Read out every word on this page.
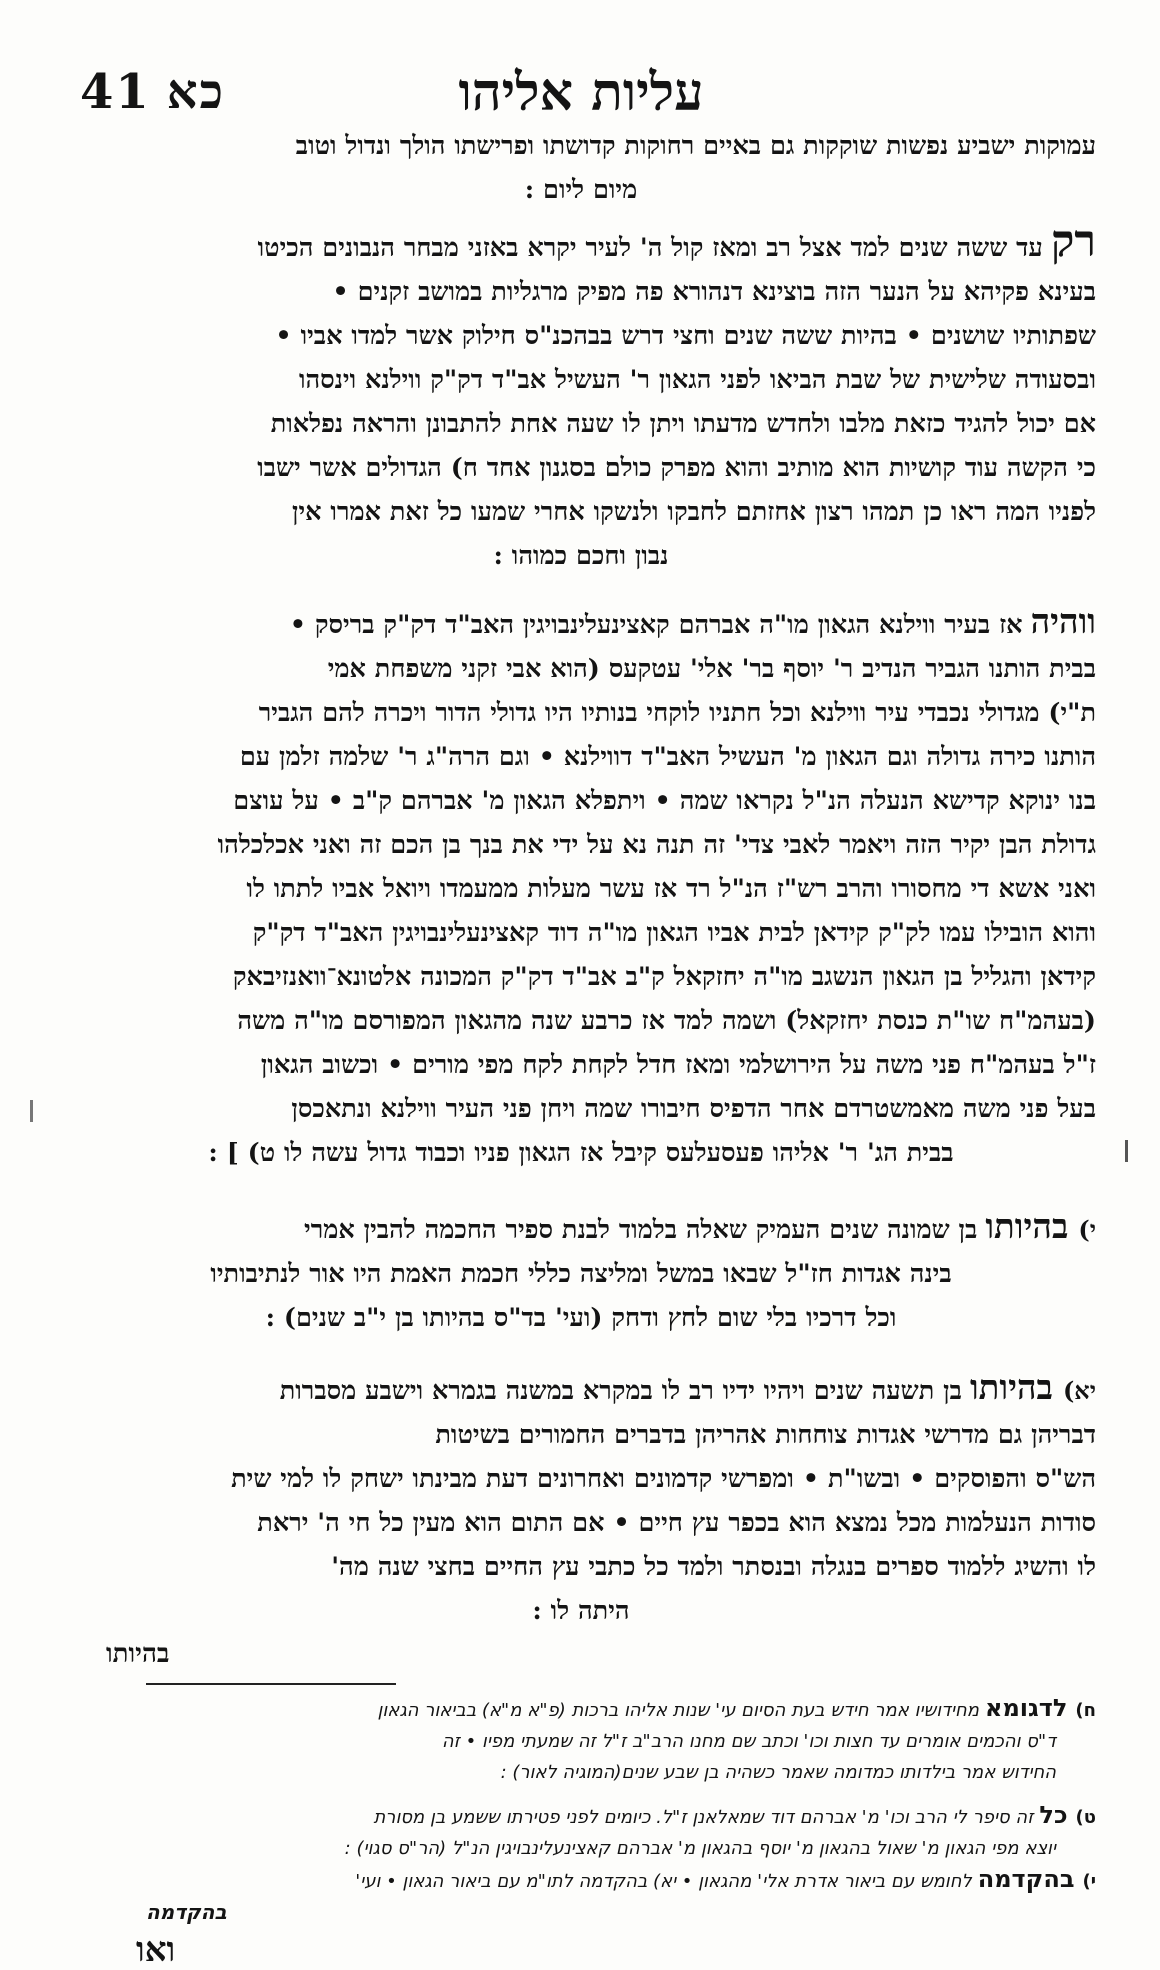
41 כא	עליות אליהו

עמוקות ישביע נפשות שוקקות גם באיים רחוקות קדושתו ופרישתו הולך ונדול וטוב
מיום ליום :

רקעד ששה שנים למד אצל רב ומאז קול ה' לעיר יקרא באזני מבחר הנבונים הכיטו
בעינא פקיהא על הנער הזה בוצינא דנהורא פה מפיק מרגליות במושב זקנים •
שפתותיו שושנים • בהיות ששה שנים וחצי דרש בבהכנ"ס חילוק אשר למדו אביו •
ובסעודה שלישית של שבת הביאו לפני הגאון ר' העשיל אב"ד דק"ק ווילנא וינסהו
אם יכול להגיד כזאת מלבו ולחדש מדעתו ויתן לו שעה אחת להתבונן והראה נפלאות
כי הקשה עוד קושיות הוא מותיב והוא מפרק כולם בסגנון אחד ח) הגדולים אשר ישבו
לפניו המה ראו כן תמהו רצון אחזתם לחבקו ולנשקו אחרי שמעו כל זאת אמרו אין
נבון וחכם כמוהו :

ווהיהאז בעיר ווילנא הגאון מו"ה אברהם קאצינעלינבויגין האב"ד דק"ק בריסק •
בבית הותנו הגביר הנדיב ר' יוסף בר' אלי' עטקעס (הוא אבי זקני משפחת אמי
ת"י) מגדולי נכבדי עיר ווילנא וכל חתניו לוקחי בנותיו היו גדולי הדור ויכרה להם הגביר
הותנו כירה גדולה וגם הגאון מ' העשיל האב"ד דווילנא • וגם הרה"ג ר' שלמה זלמן עם
בנו ינוקא קדישא הנעלה הנ"ל נקראו שמה • ויתפלא הגאון מ' אברהם ק"ב • על עוצם
גדולת הבן יקיר הזה ויאמר לאבי צדי' זה תנה נא על ידי את בנך בן הכם זה ואני אכלכלהו
ואני אשא די מחסורו והרב רש"ז הנ"ל רד אז עשר מעלות ממעמדו ויואל אביו לתתו לו
והוא הובילו עמו לק"ק קידאן לבית אביו הגאון מו"ה דוד קאצינעלינבויגין האב"ד דק"ק
קידאן והגליל בן הגאון הנשגב מו"ה יחזקאל ק"ב אב"ד דק"ק המכונה אלטונא־וואנזיבאק
(בעהמ"ח שו"ת כנסת יחזקאל) ושמה למד אז כרבע שנה מהגאון המפורסם מו"ה משה
ז"ל בעהמ"ח פני משה על הירושלמי ומאז חדל לקחת לקח מפי מורים • וכשוב הגאון
בעל פני משה מאמשטרדם אחר הדפיס חיבורו שמה ויחן פני העיר ווילנא ונתאכסן
בבית הג' ר' אליהו פעסעלעס קיבל אז הגאון פניו וכבוד גדול עשה לו ט) ] :

י)בהיותובן שמונה שנים העמיק שאלה בלמוד לבנת ספיר החכמה להבין אמרי
בינה אגדות חז"ל שבאו במשל ומליצה כללי חכמת האמת היו אור לנתיבותיו
וכל דרכיו בלי שום לחץ ודחק (ועי' בד"ס בהיותו בן י"ב שנים) :

יא)בהיותובן תשעה שנים ויהיו ידיו רב לו במקרא במשנה בגמרא וישבע מסברות
דבריהן גם מדרשי אגדות צוחחות אהריהן בדברים החמורים בשיטות
הש"ס והפוסקים • ובשו"ת • ומפרשי קדמונים ואחרונים דעת מבינתו ישחק לו למי שית
סודות הנעלמות מכל נמצא הוא בכפר עץ חיים • אם התום הוא מעין כל חי ה' יראת
לו והשיג ללמוד ספרים בנגלה ובנסתר ולמד כל כתבי עץ החיים בחצי שנה מה'
היתה לו :

בהיותו
ח)לדגומאמחידושיו אמר חידש בעת הסיום עי' שנות אליהו ברכות (פ"א מ"א) בביאור הגאון
ד"ס והכמים אומרים עד חצות וכו' וכתב שם מחנו הרב"ב ז"ל זה שמעתי מפיו • זה
החידוש אמר בילדותו כמדומה שאמר כשהיה בן שבע שנים(המוגיה לאור) :
ט)כלזה סיפר לי הרב וכו' מ' אברהם דוד שמאלאנן ז"ל. כיומים לפני פטירתו ששמע בן מסורת
יוצא מפי הגאון מ' שאול בהגאון מ' יוסף בהגאון מ' אברהם קאצינעלינבויגין הנ"ל (הר"ס סגוי) :
י)בהקדמהלחומש עם ביאור אדרת אלי' מהגאון • יא) בהקדמה לתו"מ עם ביאור הגאון • ועי'
בהקדמה
ואו
